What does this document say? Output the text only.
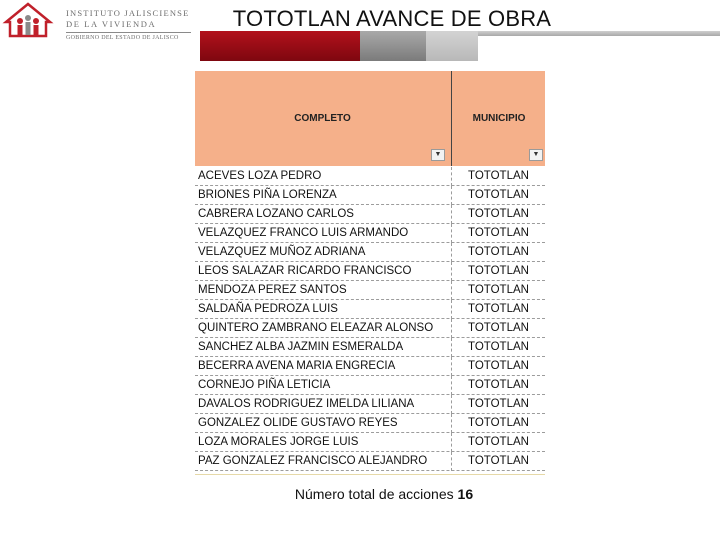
INSTITUTO JALISCIENSE
DE LA VIVIENDA
GOBIERNO DEL ESTADO DE JALISCO
TOTOTLAN AVANCE DE OBRA
COMPLETO	MUNICIPIO
▼	▼
ACEVES LOZA PEDRO	TOTOTLAN
BRIONES PIÑA LORENZA	TOTOTLAN
CABRERA LOZANO CARLOS	TOTOTLAN
VELAZQUEZ FRANCO LUIS ARMANDO	TOTOTLAN
VELAZQUEZ MUÑOZ ADRIANA	TOTOTLAN
LEOS SALAZAR RICARDO FRANCISCO	TOTOTLAN
MENDOZA PEREZ SANTOS	TOTOTLAN
SALDAÑA PEDROZA LUIS	TOTOTLAN
QUINTERO ZAMBRANO ELEAZAR ALONSO	TOTOTLAN
SANCHEZ ALBA JAZMIN ESMERALDA	TOTOTLAN
BECERRA AVENA MARIA ENGRECIA	TOTOTLAN
CORNEJO PIÑA LETICIA	TOTOTLAN
DAVALOS RODRIGUEZ IMELDA LILIANA	TOTOTLAN
GONZALEZ OLIDE GUSTAVO REYES	TOTOTLAN
LOZA MORALES JORGE LUIS	TOTOTLAN
PAZ GONZALEZ FRANCISCO ALEJANDRO	TOTOTLAN
Número total de acciones 16
